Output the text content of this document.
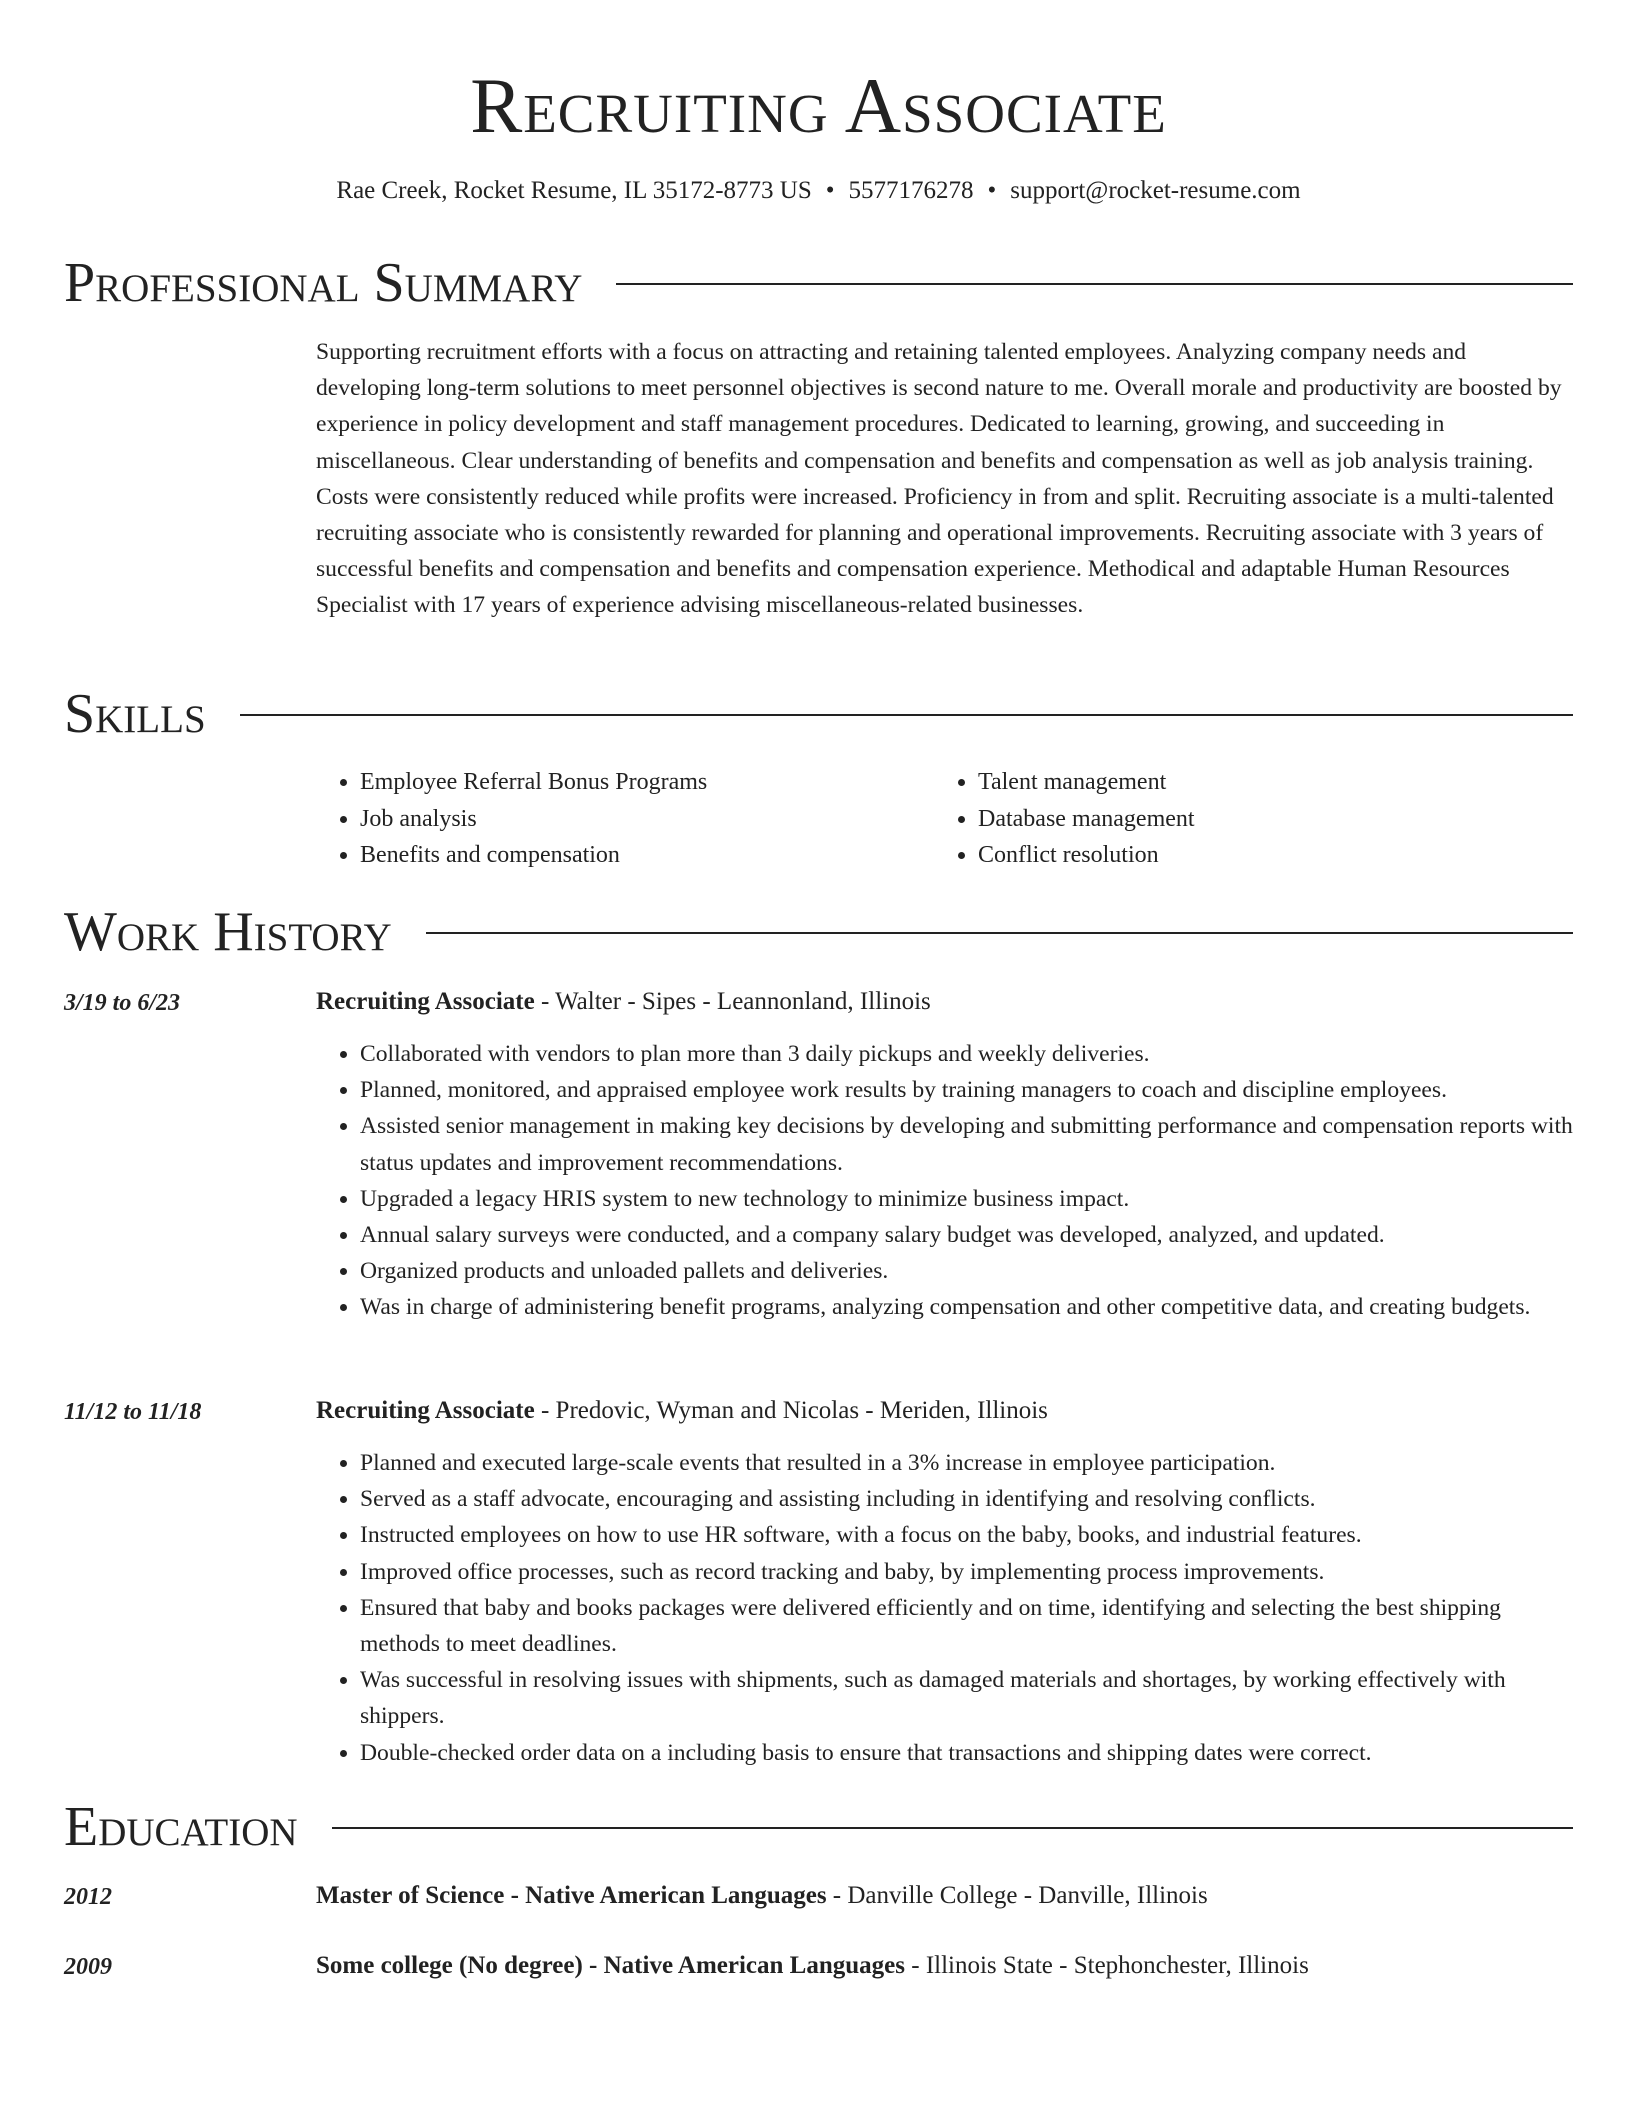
Recruiting Associate
Rae Creek, Rocket Resume, IL 35172-8773 US • 5577176278 • support@rocket-resume.com
Professional Summary
Supporting recruitment efforts with a focus on attracting and retaining talented employees. Analyzing company needs and developing long-term solutions to meet personnel objectives is second nature to me. Overall morale and productivity are boosted by experience in policy development and staff management procedures. Dedicated to learning, growing, and succeeding in miscellaneous. Clear understanding of benefits and compensation and benefits and compensation as well as job analysis training. Costs were consistently reduced while profits were increased. Proficiency in from and split. Recruiting associate is a multi-talented recruiting associate who is consistently rewarded for planning and operational improvements. Recruiting associate with 3 years of successful benefits and compensation and benefits and compensation experience. Methodical and adaptable Human Resources Specialist with 17 years of experience advising miscellaneous-related businesses.
Skills
• Employee Referral Bonus Programs
• Job analysis
• Benefits and compensation
• Talent management
• Database management
• Conflict resolution
Work History
3/19 to 6/23	Recruiting Associate - Walter - Sipes - Leannonland, Illinois
• Collaborated with vendors to plan more than 3 daily pickups and weekly deliveries.
• Planned, monitored, and appraised employee work results by training managers to coach and discipline employees.
• Assisted senior management in making key decisions by developing and submitting performance and compensation reports with status updates and improvement recommendations.
• Upgraded a legacy HRIS system to new technology to minimize business impact.
• Annual salary surveys were conducted, and a company salary budget was developed, analyzed, and updated.
• Organized products and unloaded pallets and deliveries.
• Was in charge of administering benefit programs, analyzing compensation and other competitive data, and creating budgets.
11/12 to 11/18	Recruiting Associate - Predovic, Wyman and Nicolas - Meriden, Illinois
• Planned and executed large-scale events that resulted in a 3% increase in employee participation.
• Served as a staff advocate, encouraging and assisting including in identifying and resolving conflicts.
• Instructed employees on how to use HR software, with a focus on the baby, books, and industrial features.
• Improved office processes, such as record tracking and baby, by implementing process improvements.
• Ensured that baby and books packages were delivered efficiently and on time, identifying and selecting the best shipping methods to meet deadlines.
• Was successful in resolving issues with shipments, such as damaged materials and shortages, by working effectively with shippers.
• Double-checked order data on a including basis to ensure that transactions and shipping dates were correct.
Education
2012	Master of Science - Native American Languages - Danville College - Danville, Illinois
2009	Some college (No degree) - Native American Languages - Illinois State - Stephonchester, Illinois
